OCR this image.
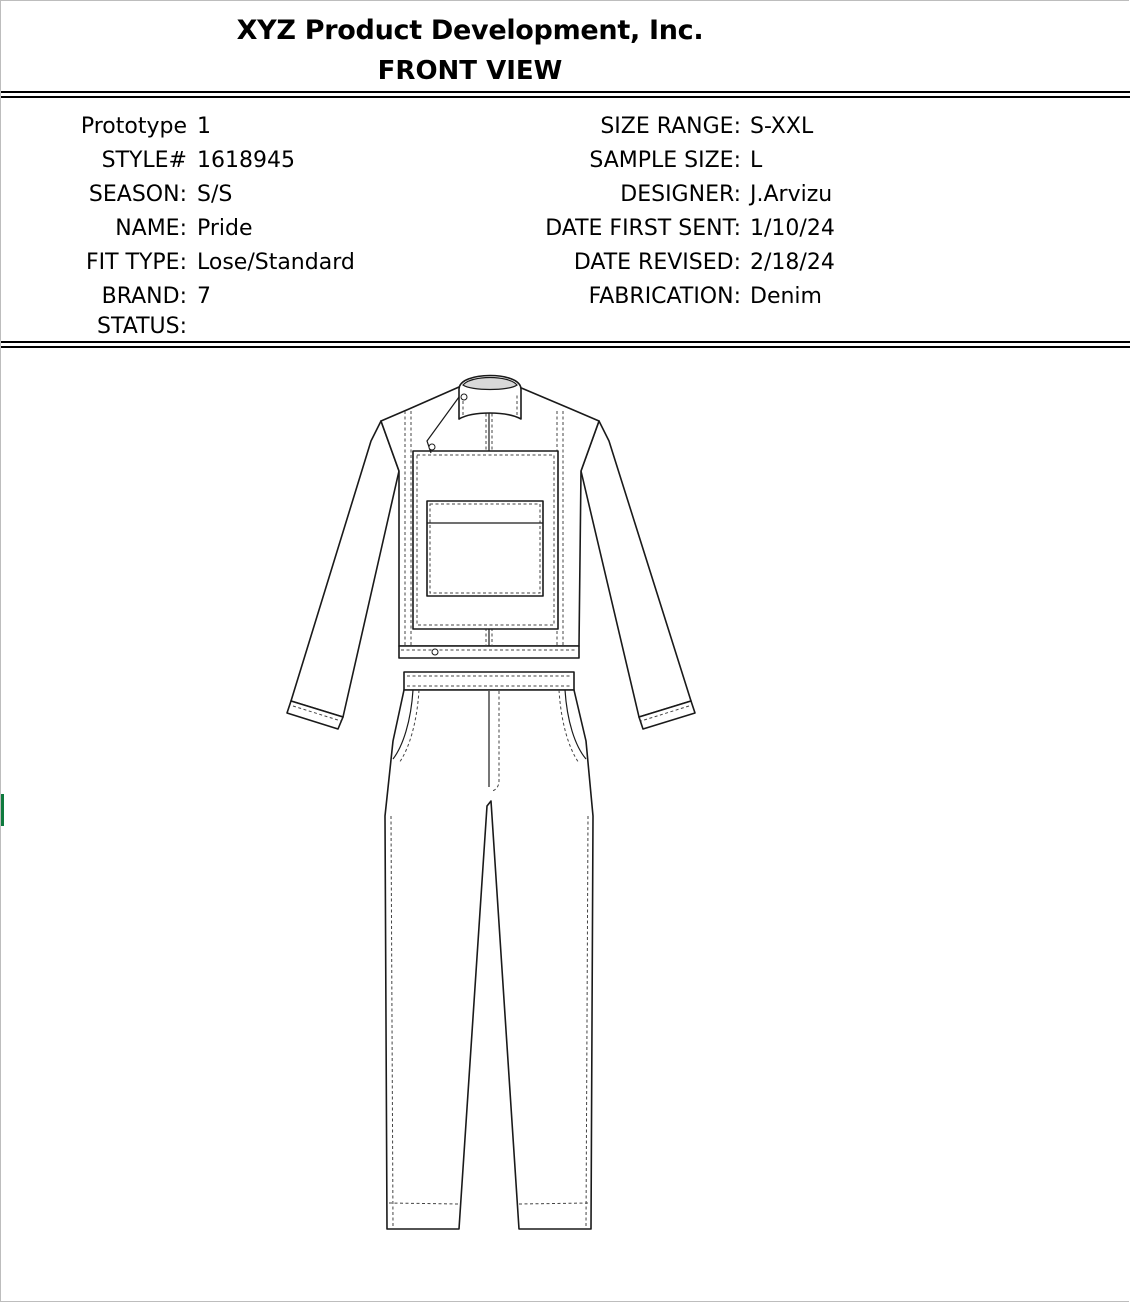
XYZ Product Development, Inc.
FRONT VIEW
Prototype 1
STYLE# 1618945
SEASON: S/S
NAME: Pride
FIT TYPE: Lose/Standard
BRAND: 7
STATUS:
SIZE RANGE: S-XXL
SAMPLE SIZE: L
DESIGNER: J.Arvizu
DATE FIRST SENT: 1/10/24
DATE REVISED: 2/18/24
FABRICATION: Denim
